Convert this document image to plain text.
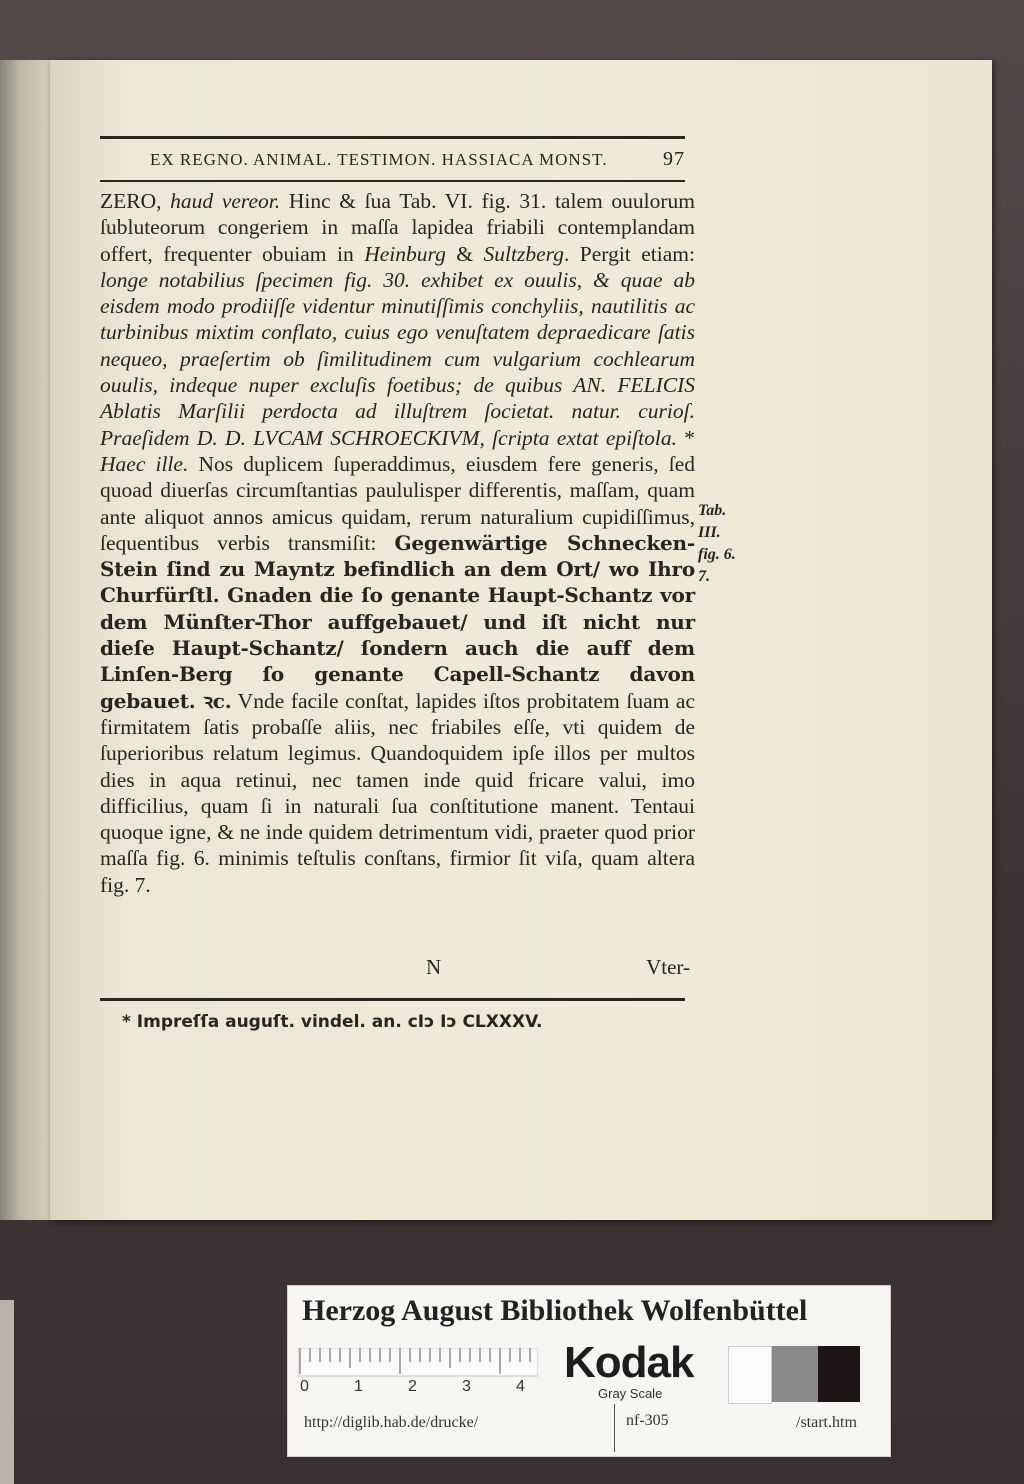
EX REGNO. ANIMAL. TESTIMON. HASSIACA MONST.	97

ZERO, haud vereor. Hinc & ſua Tab. VI. fig. 31. talem ouulorum ſubluteorum congeriem in maſſa lapidea friabili contemplandam offert, frequenter obuiam in Heinburg & Sultzberg. Pergit etiam: longe notabilius ſpecimen fig. 30. exhibet ex ouulis, & quae ab eisdem modo prodiiſſe videntur minutiſſimis conchyliis, nautilitis ac turbinibus mixtim conflato, cuius ego venuſtatem depraedicare ſatis nequeo, praeſertim ob ſimilitudinem cum vulgarium cochlearum ouulis, indeque nuper excluſis foetibus; de quibus AN. FELICIS Ablatis Marſilii perdocta ad illuſtrem ſocietat. natur. curioſ. Praeſidem D. D. LVCAM SCHROECKIVM, ſcripta extat epiſtola. * Haec ille. Nos duplicem ſuperaddimus, eiusdem fere generis, ſed quoad diuerſas circumſtantias paululisper differentis, maſſam, quam ante aliquot annos amicus quidam, rerum naturalium cupidiſſimus, ſequentibus verbis transmiſit: Gegenwärtige Schnecken-Stein ſind zu Mayntz befindlich an dem Ort/ wo Ihro Churfürſtl. Gnaden die ſo genante Haupt-Schantz vor dem Münſter-Thor auffgebauet/ und iſt nicht nur dieſe Haupt-Schantz/ ſondern auch die auff dem Linſen-Berg ſo genante Capell-Schantz davon gebauet. ꝛc. Vnde facile conſtat, lapides iſtos probitatem ſuam ac firmitatem ſatis probaſſe aliis, nec friabiles eſſe, vti quidem de ſuperioribus relatum legimus. Quandoquidem ipſe illos per multos dies in aqua retinui, nec tamen inde quid fricare valui, imo difficilius, quam ſi in naturali ſua conſtitutione manent. Tentaui quoque igne, & ne inde quidem detrimentum vidi, praeter quod prior maſſa fig. 6. minimis teſtulis conſtans, firmior ſit viſa, quam altera fig. 7.

Tab.
III.
fig. 6.
7.
N	Vter-
* Impreſſa auguſt. vindel. an. cIↄ Iↄ CLXXXV.
Herzog August Bibliothek Wolfenbüttel
0	1	2	3	4 Kodak
Gray Scale
http://diglib.hab.de/drucke/	nf-305	/start.htm
